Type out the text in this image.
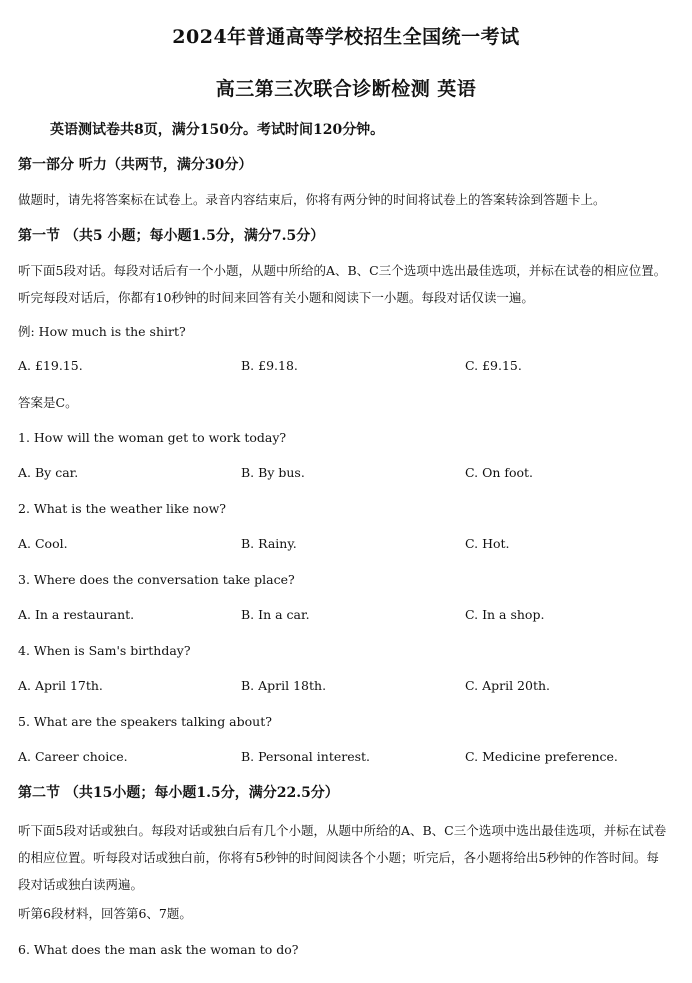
2024年普通高等学校招生全国统一考试
高三第三次联合诊断检测 英语
英语测试卷共8页，满分150分。考试时间120分钟。
第一部分 听力（共两节，满分30分）
做题时，请先将答案标在试卷上。录音内容结束后，你将有两分钟的时间将试卷上的答案转涂到答题卡上。
第一节 （共5 小题；每小题1.5分，满分7.5分）
听下面5段对话。每段对话后有一个小题，从题中所给的A、B、C三个选项中选出最佳选项，并标在试卷的相应位置。听完每段对话后，你都有10秒钟的时间来回答有关小题和阅读下一小题。每段对话仅读一遍。
例: How much is the shirt?
A. £19.15.	B. £9.18.	C. £9.15.
答案是C。
1. How will the woman get to work today?
A. By car.	B. By bus.	C. On foot.
2. What is the weather like now?
A. Cool.	B. Rainy.	C. Hot.
3. Where does the conversation take place?
A. In a restaurant.	B. In a car.	C. In a shop.
4. When is Sam's birthday?
A. April 17th.	B. April 18th.	C. April 20th.
5. What are the speakers talking about?
A. Career choice.	B. Personal interest.	C. Medicine preference.
第二节 （共15小题；每小题1.5分，满分22.5分）
听下面5段对话或独白。每段对话或独白后有几个小题，从题中所给的A、B、C三个选项中选出最佳选项，并标在试卷的相应位置。听每段对话或独白前，你将有5秒钟的时间阅读各个小题；听完后，各小题将给出5秒钟的作答时间。每段对话或独白读两遍。
听第6段材料，回答第6、7题。
6. What does the man ask the woman to do?
